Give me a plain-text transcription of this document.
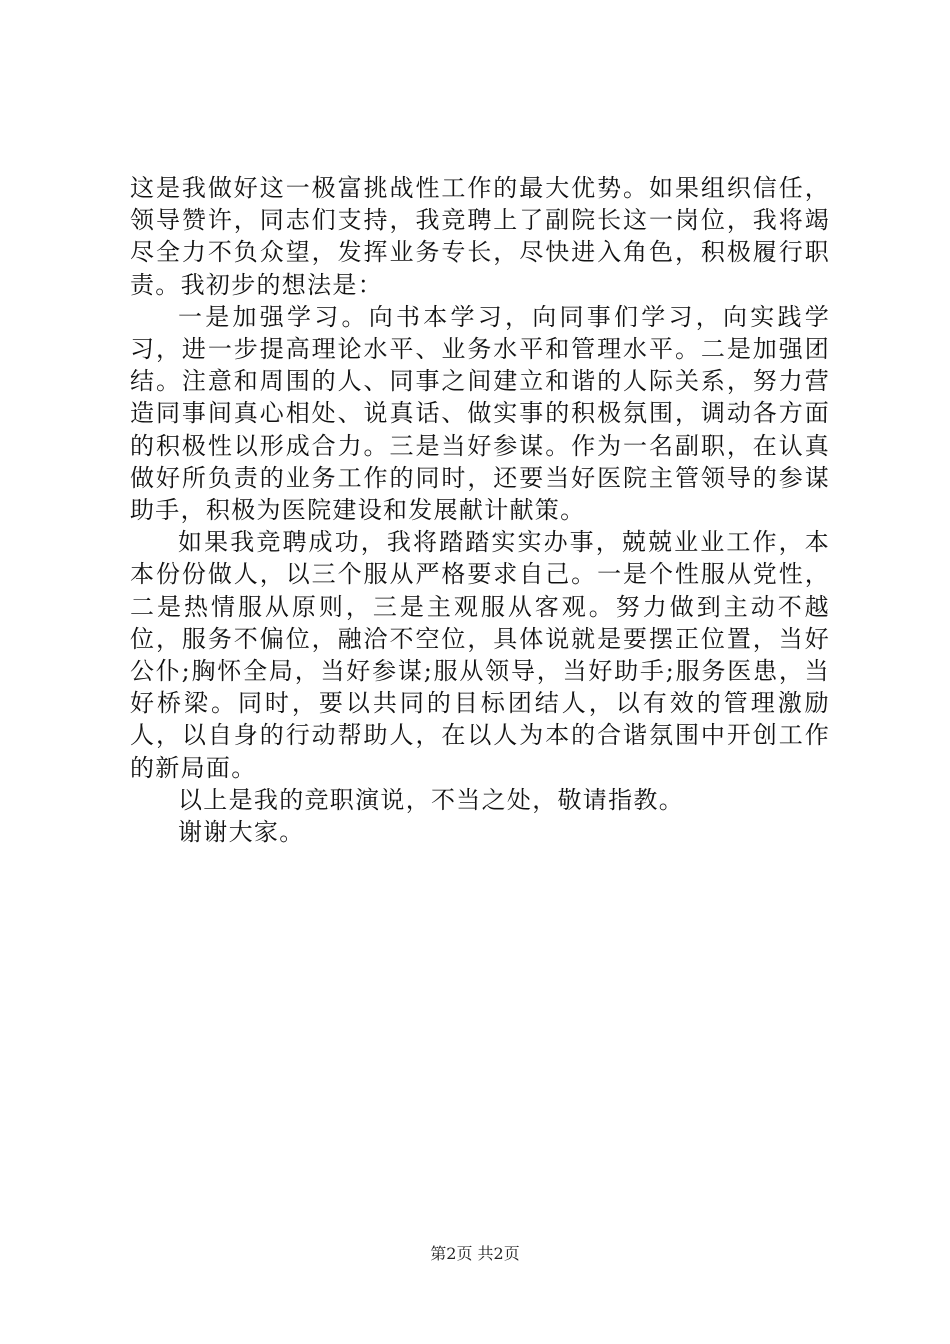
这是我做好这一极富挑战性工作的最大优势。如果组织信任，领导赞许，同志们支持，我竞聘上了副院长这一岗位，我将竭尽全力不负众望，发挥业务专长，尽快进入角色，积极履行职责。我初步的想法是：

一是加强学习。向书本学习，向同事们学习，向实践学习，进一步提高理论水平、业务水平和管理水平。二是加强团结。注意和周围的人、同事之间建立和谐的人际关系，努力营造同事间真心相处、说真话、做实事的积极氛围，调动各方面的积极性以形成合力。三是当好参谋。作为一名副职，在认真做好所负责的业务工作的同时，还要当好医院主管领导的参谋助手，积极为医院建设和发展献计献策。

如果我竞聘成功，我将踏踏实实办事，兢兢业业工作，本本份份做人，以三个服从严格要求自己。一是个性服从党性，二是热情服从原则，三是主观服从客观。努力做到主动不越位，服务不偏位，融洽不空位，具体说就是要摆正位置，当好公仆;胸怀全局，当好参谋;服从领导，当好助手;服务医患，当好桥梁。同时，要以共同的目标团结人，以有效的管理激励人，以自身的行动帮助人，在以人为本的合谐氛围中开创工作的新局面。

以上是我的竞职演说，不当之处，敬请指教。

谢谢大家。

第2页 共2页
